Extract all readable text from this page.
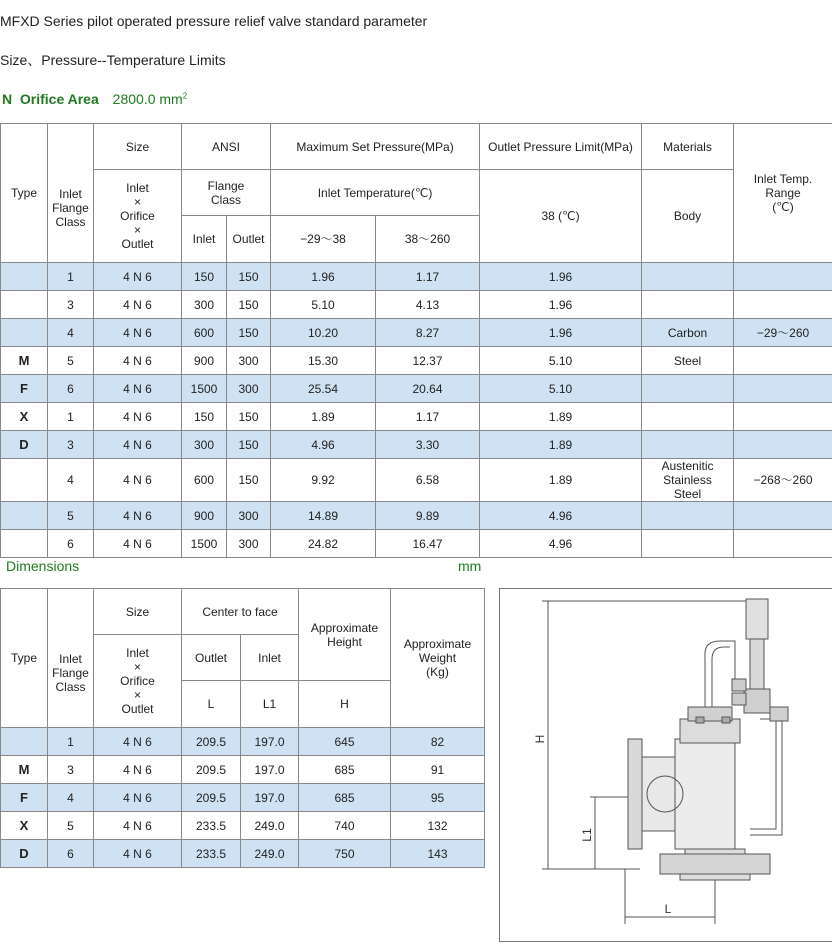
MFXD Series pilot operated pressure relief valve standard parameter
Size、Pressure--Temperature Limits
N Orifice Area 2800.0 $mm^2$
Type	Inlet
Flange
Class	Size	ANSI		Maximum Set Pressure(MPa)		Outlet Pressure Limit(MPa)	Materials	Inlet Temp.
Range
(℃)
		Inlet
×
Orifice
×
Outlet	Flange
Class		Inlet Temperature(℃)		38 (℃)	Body	
			Inlet	Outlet	−29～38	38～260			
	1	4 N 6	150	150	1.96	1.17	1.96		
	3	4 N 6	300	150	5.10	4.13	1.96		
	4	4 N 6	600	150	10.20	8.27	1.96	Carbon	−29～260
M	5	4 N 6	900	300	15.30	12.37	5.10	Steel	
F	6	4 N 6	1500	300	25.54	20.64	5.10		
X	1	4 N 6	150	150	1.89	1.17	1.89		
D	3	4 N 6	300	150	4.96	3.30	1.89		
	4	4 N 6	600	150	9.92	6.58	1.89	Austenitic
Stainless
Steel	−268～260
	5	4 N 6	900	300	14.89	9.89	4.96		
	6	4 N 6	1500	300	24.82	16.47	4.96		
Dimensions	mm
Type	Inlet
Flange
Class	Size	Center to face		Approximate
Height	Approximate
Weight
(Kg)
		Inlet
×
Orifice
×
Outlet	Outlet	Inlet		
			L	L1	H	
	1	4 N 6	209.5	197.0	645	82
M	3	4 N 6	209.5	197.0	685	91
F	4	4 N 6	209.5	197.0	685	95
X	5	4 N 6	233.5	249.0	740	132
D	6	4 N 6	233.5	249.0	750	143
H
L1
L
